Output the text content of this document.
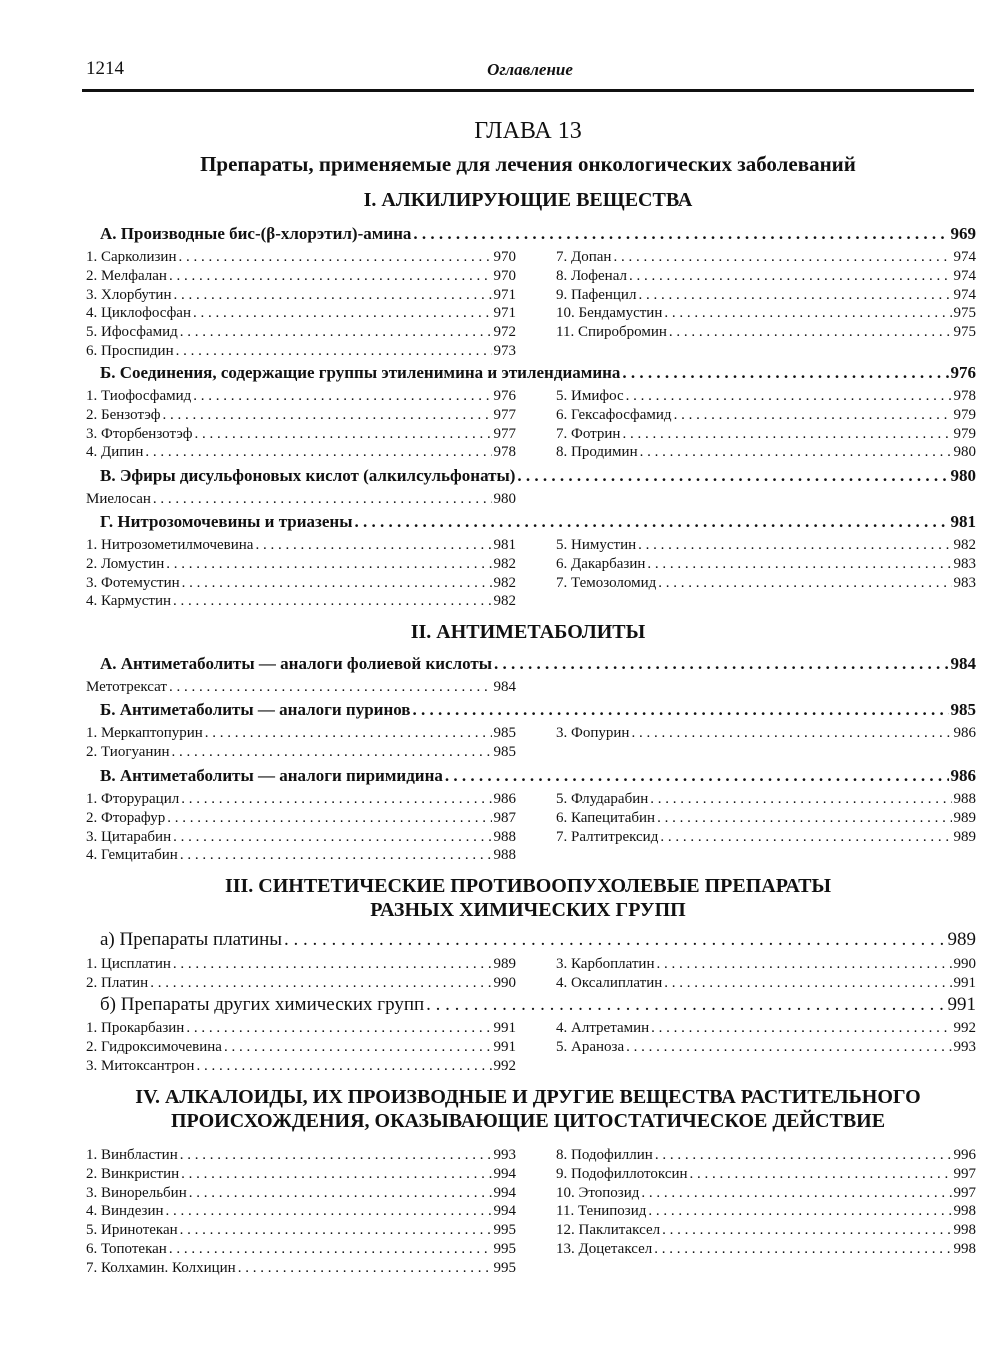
1214	Оглавление
ГЛАВА 13
Препараты, применяемые для лечения онкологических заболеваний
I. АЛКИЛИРУЮЩИЕ ВЕЩЕСТВА
II. АНТИМЕТАБОЛИТЫ
III. СИНТЕТИЧЕСКИЕ ПРОТИВООПУХОЛЕВЫЕ ПРЕПАРАТЫ
РАЗНЫХ ХИМИЧЕСКИХ ГРУПП
IV. АЛКАЛОИДЫ, ИХ ПРОИЗВОДНЫЕ И ДРУГИЕ ВЕЩЕСТВА РАСТИТЕЛЬНОГО
ПРОИСХОЖДЕНИЯ, ОКАЗЫВАЮЩИЕ ЦИТОСТАТИЧЕСКОЕ ДЕЙСТВИЕ
А. Производные бис-(β-хлорэтил)-амина . . .	969
1. Сарколизин . . .	970
2. Мелфалан . . .	970
3. Хлорбутин . . .	971
4. Циклофосфан . . .	971
5. Ифосфамид . . .	972
6. Проспидин . . .	973
7. Допан . . .	974
8. Лофенал . . .	974
9. Пафенцил . . .	974
10. Бендамустин . . .	975
11. Спиробромин . . .	975
Б. Соединения, содержащие группы этиленимина и этилендиамина . . .	976
1. Тиофосфамид . . .	976
2. Бензотэф . . .	977
3. Фторбензотэф . . .	977
4. Дипин . . .	978
5. Имифос . . .	978
6. Гексафосфамид . . .	979
7. Фотрин . . .	979
8. Продимин . . .	980
В. Эфиры дисульфоновых кислот (алкилсульфонаты) . . .	980
Миелосан . . .	980
Г. Нитрозомочевины и триазены . . .	981
1. Нитрозометилмочевина . . .	981
2. Ломустин . . .	982
3. Фотемустин . . .	982
4. Кармустин . . .	982
5. Нимустин . . .	982
6. Дакарбазин . . .	983
7. Темозоломид . . .	983
А. Антиметаболиты — аналоги фолиевой кислоты . . .	984
Метотрексат . . .	984
Б. Антиметаболиты — аналоги пуринов . . .	985
1. Меркаптопурин . . .	985
2. Тиогуанин . . .	985
3. Фопурин . . .	986
В. Антиметаболиты — аналоги пиримидина . . .	986
1. Фторурацил . . .	986
2. Фторафур . . .	987
3. Цитарабин . . .	988
4. Гемцитабин . . .	988
5. Флударабин . . .	988
6. Капецитабин . . .	989
7. Ралтитрексид . . .	989
а) Препараты платины . . .	989
1. Цисплатин . . .	989
2. Платин . . .	990
3. Карбоплатин . . .	990
4. Оксалиплатин . . .	991
б) Препараты других химических групп . . .	991
1. Прокарбазин . . .	991
2. Гидроксимочевина . . .	991
3. Митоксантрон . . .	992
4. Алтретамин . . .	992
5. Араноза . . .	993
1. Винбластин . . .	993
2. Винкристин . . .	994
3. Винорельбин . . .	994
4. Виндезин . . .	994
5. Иринотекан . . .	995
6. Топотекан . . .	995
7. Колхамин. Колхицин . . .	995
8. Подофиллин . . .	996
9. Подофиллотоксин . . .	997
10. Этопозид . . .	997
11. Тенипозид . . .	998
12. Паклитаксел . . .	998
13. Доцетаксел . . .	998
